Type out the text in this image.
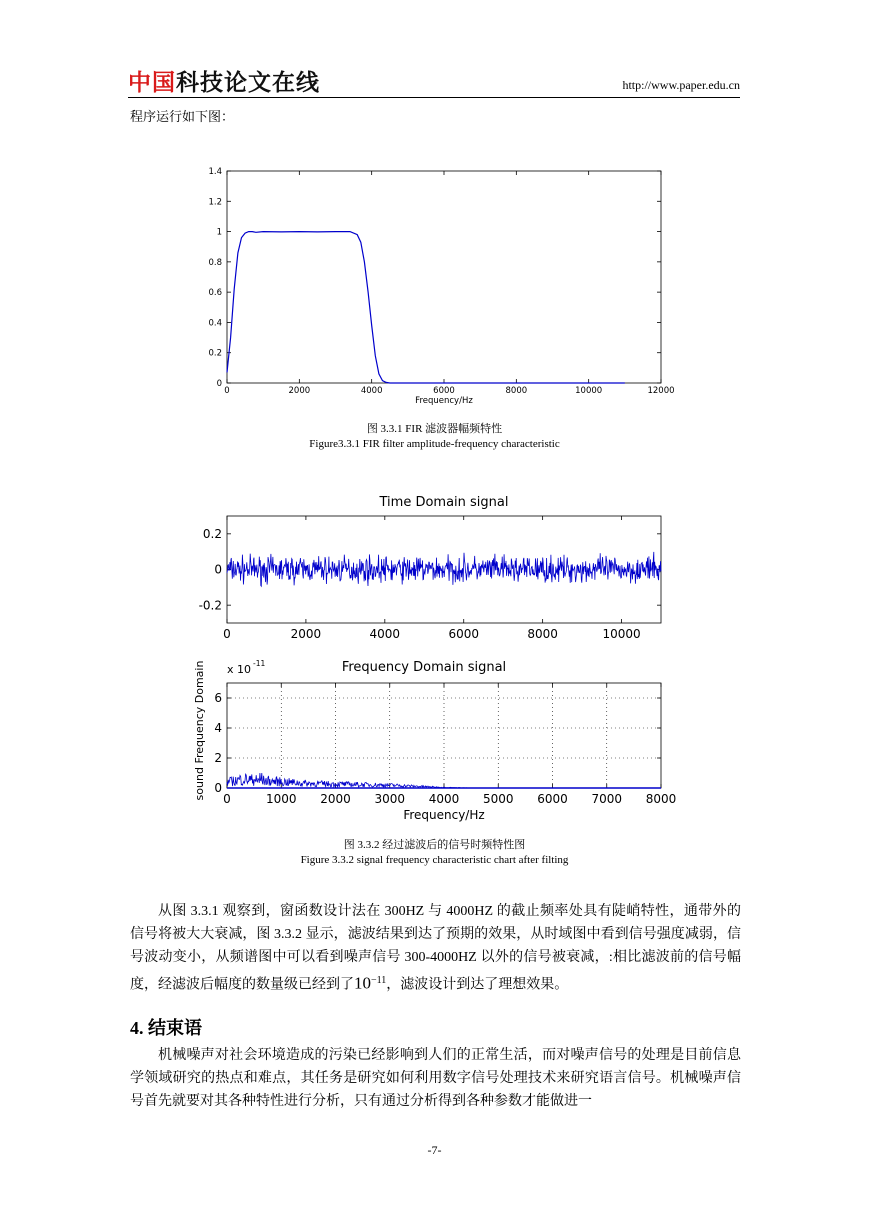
中国科技论文在线	http://www.paper.edu.cn
程序运行如下图：
0	2000	4000	6000	8000	10000	12000
0
0.2
0.4
0.6
0.8
1
1.2
1.4
Frequency/Hz
图 3.3.1 FIR 滤波器幅频特性
Figure3.3.1 FIR filter amplitude-frequency characteristic
Time Domain signal
0	2000	4000	6000	8000	10000
-0.2
0
0.2
Frequency Domain signal
x 10 -11
0	1000 2000 3000 4000 5000 6000 7000 8000
0
2
4
6
Frequency/Hz
sound Frequency Domain
图 3.3.2 经过滤波后的信号时频特性图
Figure 3.3.2 signal frequency characteristic chart after filting

从图 3.3.1 观察到，窗函数设计法在 300HZ 与 4000HZ 的截止频率处具有陡峭特性，通带外的信号将被大大衰减，图 3.3.2 显示，滤波结果到达了预期的效果，从时域图中看到信号强度减弱，信号波动变小，从频谱图中可以看到噪声信号 300-4000HZ 以外的信号被衰减，:相比滤波前的信号幅度，经滤波后幅度的数量级已经到了$10^{-11}$，滤波设计到达了理想效果。

4. 结束语

机械噪声对社会环境造成的污染已经影响到人们的正常生活，而对噪声信号的处理是目前信息学领域研究的热点和难点，其任务是研究如何利用数字信号处理技术来研究语言信号。机械噪声信号首先就要对其各种特性进行分析，只有通过分析得到各种参数才能做进一

-7-
